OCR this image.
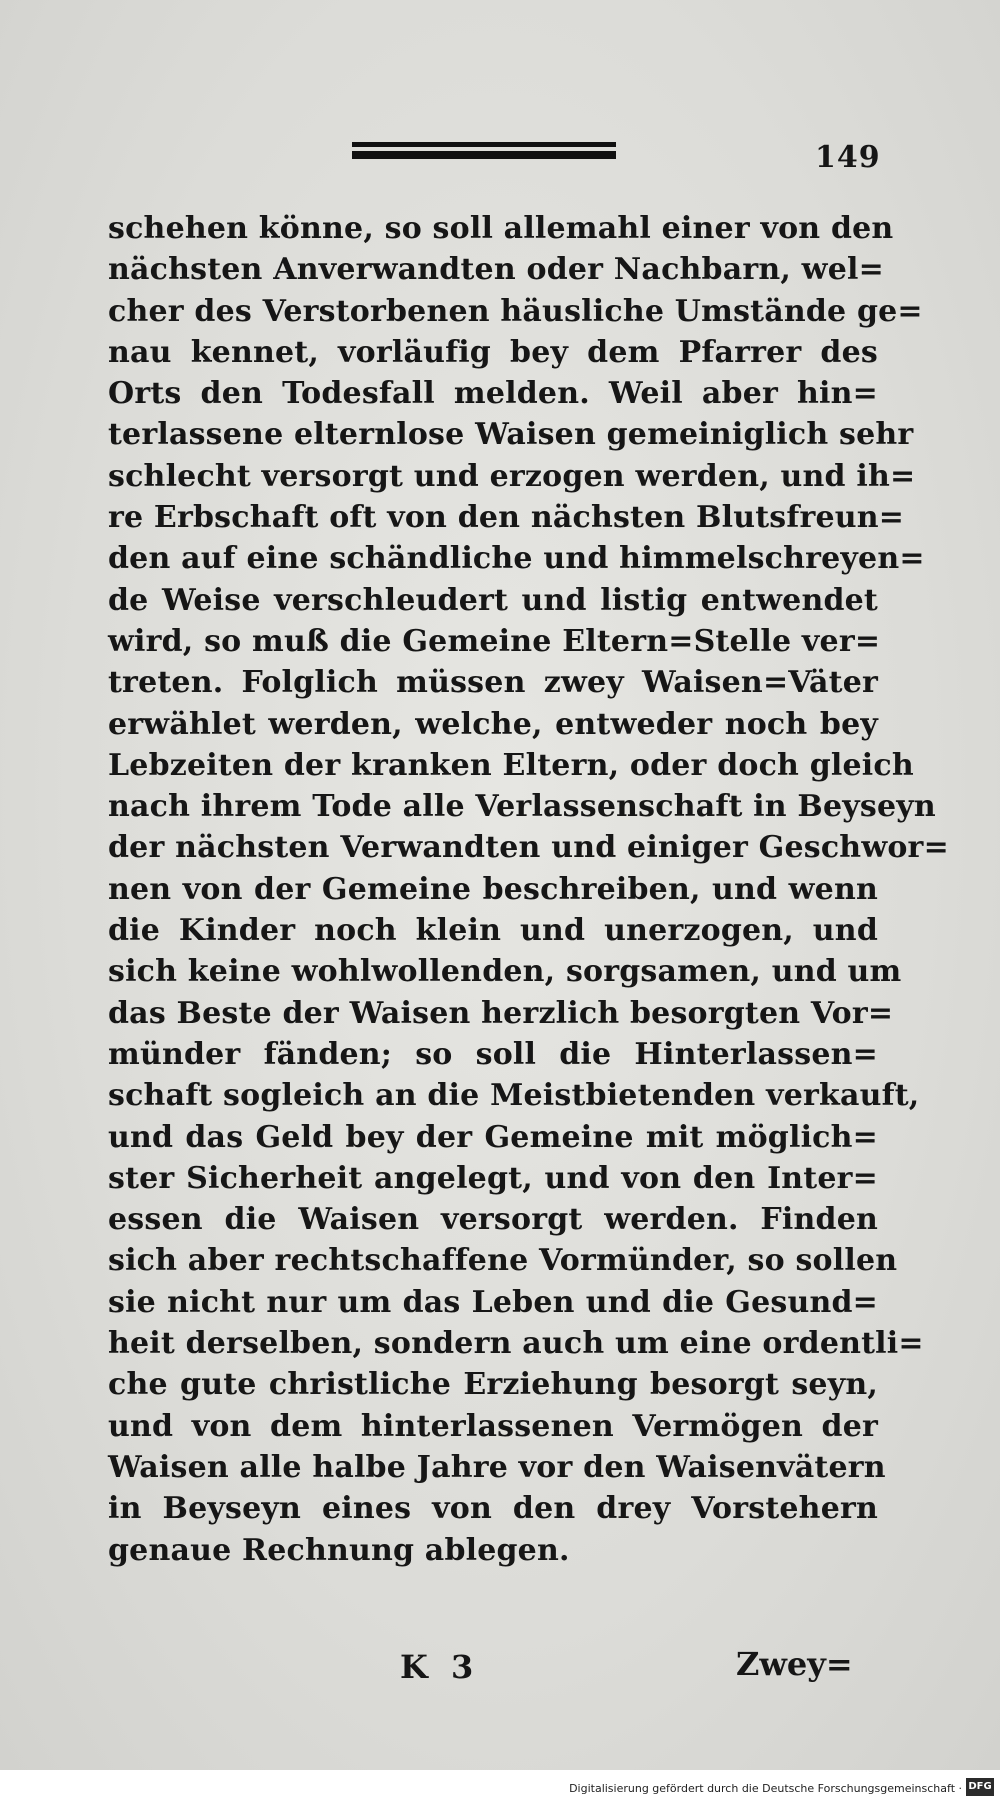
149
schehen könne, so soll allemahl einer von den
nächsten Anverwandten oder Nachbarn, wel=
cher des Verstorbenen häusliche Umstände ge=
nau kennet, vorläufig bey dem Pfarrer des
Orts den Todesfall melden. Weil aber hin=
terlassene elternlose Waisen gemeiniglich sehr
schlecht versorgt und erzogen werden, und ih=
re Erbschaft oft von den nächsten Blutsfreun=
den auf eine schändliche und himmelschreyen=
de Weise verschleudert und listig entwendet
wird, so muß die Gemeine Eltern=Stelle ver=
treten. Folglich müssen zwey Waisen=Väter
erwählet werden, welche, entweder noch bey
Lebzeiten der kranken Eltern, oder doch gleich
nach ihrem Tode alle Verlassenschaft in Beyseyn
der nächsten Verwandten und einiger Geschwor=
nen von der Gemeine beschreiben, und wenn
die Kinder noch klein und unerzogen, und
sich keine wohlwollenden, sorgsamen, und um
das Beste der Waisen herzlich besorgten Vor=
münder fänden; so soll die Hinterlassen=
schaft sogleich an die Meistbietenden verkauft,
und das Geld bey der Gemeine mit möglich=
ster Sicherheit angelegt, und von den Inter=
essen die Waisen versorgt werden. Finden
sich aber rechtschaffene Vormünder, so sollen
sie nicht nur um das Leben und die Gesund=
heit derselben, sondern auch um eine ordentli=
che gute christliche Erziehung besorgt seyn,
und von dem hinterlassenen Vermögen der
Waisen alle halbe Jahre vor den Waisenvätern
in Beyseyn eines von den drey Vorstehern
genaue Rechnung ablegen.
K 3	Zwey=
Digitalisierung gefördert durch die Deutsche Forschungsgemeinschaft · DFG
